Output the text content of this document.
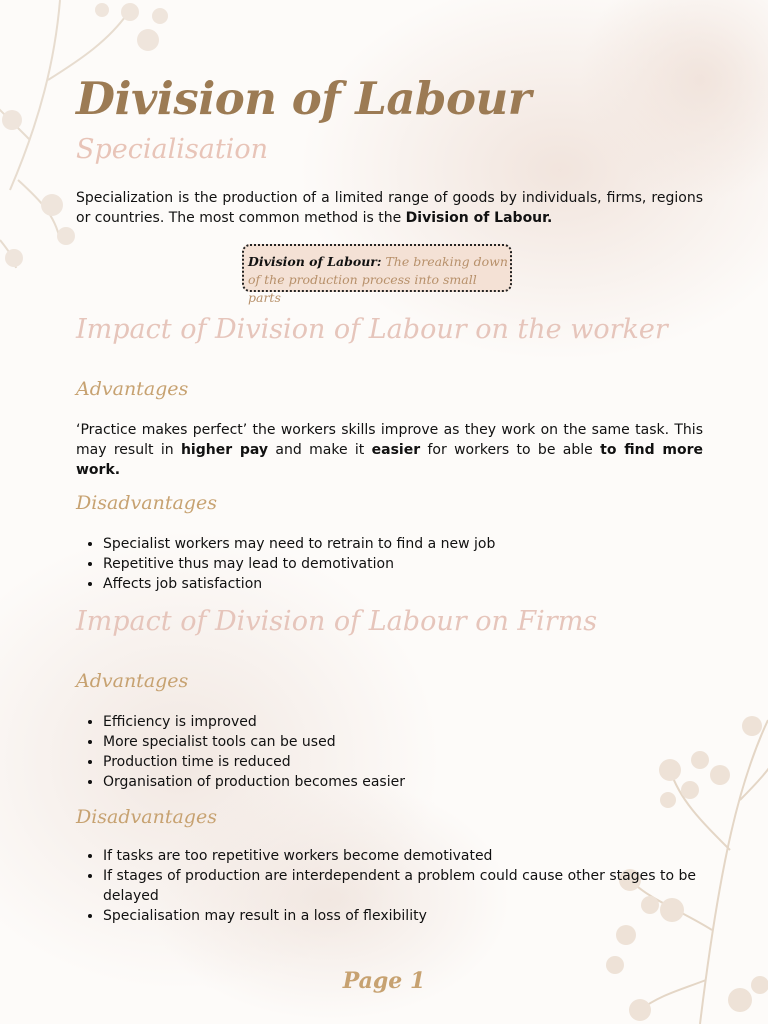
Division of Labour
Specialisation

Specialization is the production of a limited range of goods by individuals, firms, regions or countries. The most common method is the Division of Labour.

Division of Labour: The breaking down of the production process into small parts
Impact of Division of Labour on the worker
Advantages

‘Practice makes perfect’ the workers skills improve as they work on the same task. This may result in higher pay and make it easier for workers to be able to find more work.

Disadvantages
• Specialist workers may need to retrain to find a new job
• Repetitive thus may lead to demotivation
• Affects job satisfaction
Impact of Division of Labour on Firms
Advantages
• Efficiency is improved
• More specialist tools can be used
• Production time is reduced
• Organisation of production becomes easier
Disadvantages
• If tasks are too repetitive workers become demotivated
• If stages of production are interdependent a problem could cause other stages to be delayed
• Specialisation may result in a loss of flexibility
Page 1
